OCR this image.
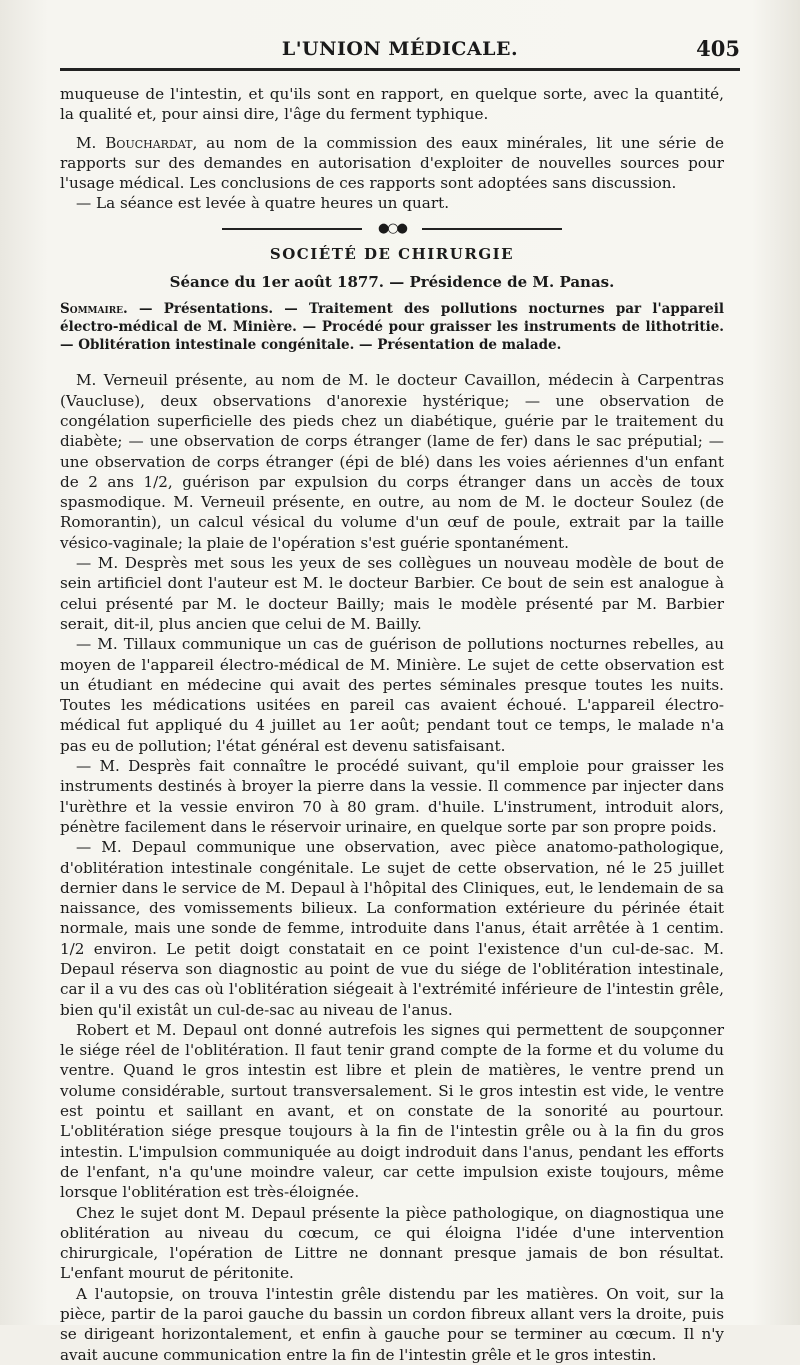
L'UNION MÉDICALE.	405

muqueuse de l'intestin, et qu'ils sont en rapport, en quelque sorte, avec la quantité, la qualité et, pour ainsi dire, l'âge du ferment typhique.

M. Bouchardat, au nom de la commission des eaux minérales, lit une série de rapports sur des demandes en autorisation d'exploiter de nouvelles sources pour l'usage médical. Les conclusions de ces rapports sont adoptées sans discussion.

— La séance est levée à quatre heures un quart.

●○●
SOCIÉTÉ DE CHIRURGIE
Séance du 1er août 1877. — Présidence de M. Panas.
Sommaire. — Présentations. — Traitement des pollutions nocturnes par l'appareil électro-médical de M. Minière. — Procédé pour graisser les instruments de lithotritie. — Oblitération intestinale congénitale. — Présentation de malade.

M. Verneuil présente, au nom de M. le docteur Cavaillon, médecin à Carpentras (Vaucluse), deux observations d'anorexie hystérique; — une observation de congélation superficielle des pieds chez un diabétique, guérie par le traitement du diabète; — une observation de corps étranger (lame de fer) dans le sac préputial; — une observation de corps étranger (épi de blé) dans les voies aériennes d'un enfant de 2 ans 1/2, guérison par expulsion du corps étranger dans un accès de toux spasmodique. M. Verneuil présente, en outre, au nom de M. le docteur Soulez (de Romorantin), un calcul vésical du volume d'un œuf de poule, extrait par la taille vésico-vaginale; la plaie de l'opération s'est guérie spontanément.

— M. Desprès met sous les yeux de ses collègues un nouveau modèle de bout de sein artificiel dont l'auteur est M. le docteur Barbier. Ce bout de sein est analogue à celui présenté par M. le docteur Bailly; mais le modèle présenté par M. Barbier serait, dit-il, plus ancien que celui de M. Bailly.

— M. Tillaux communique un cas de guérison de pollutions nocturnes rebelles, au moyen de l'appareil électro-médical de M. Minière. Le sujet de cette observation est un étudiant en médecine qui avait des pertes séminales presque toutes les nuits. Toutes les médications usitées en pareil cas avaient échoué. L'appareil électro-médical fut appliqué du 4 juillet au 1er août; pendant tout ce temps, le malade n'a pas eu de pollution; l'état général est devenu satisfaisant.

— M. Desprès fait connaître le procédé suivant, qu'il emploie pour graisser les instruments destinés à broyer la pierre dans la vessie. Il commence par injecter dans l'urèthre et la vessie environ 70 à 80 gram. d'huile. L'instrument, introduit alors, pénètre facilement dans le réservoir urinaire, en quelque sorte par son propre poids.

— M. Depaul communique une observation, avec pièce anatomo-pathologique, d'oblitération intestinale congénitale. Le sujet de cette observation, né le 25 juillet dernier dans le service de M. Depaul à l'hôpital des Cliniques, eut, le lendemain de sa naissance, des vomissements bilieux. La conformation extérieure du périnée était normale, mais une sonde de femme, introduite dans l'anus, était arrêtée à 1 centim. 1/2 environ. Le petit doigt constatait en ce point l'existence d'un cul-de-sac. M. Depaul réserva son diagnostic au point de vue du siége de l'oblitération intestinale, car il a vu des cas où l'oblitération siégeait à l'extrémité inférieure de l'intestin grêle, bien qu'il existât un cul-de-sac au niveau de l'anus.

Robert et M. Depaul ont donné autrefois les signes qui permettent de soupçonner le siége réel de l'oblitération. Il faut tenir grand compte de la forme et du volume du ventre. Quand le gros intestin est libre et plein de matières, le ventre prend un volume considérable, surtout transversalement. Si le gros intestin est vide, le ventre est pointu et saillant en avant, et on constate de la sonorité au pourtour. L'oblitération siége presque toujours à la fin de l'intestin grêle ou à la fin du gros intestin. L'impulsion communiquée au doigt indroduit dans l'anus, pendant les efforts de l'enfant, n'a qu'une moindre valeur, car cette impulsion existe toujours, même lorsque l'oblitération est très-éloignée.

Chez le sujet dont M. Depaul présente la pièce pathologique, on diagnostiqua une oblitération au niveau du cœcum, ce qui éloigna l'idée d'une intervention chirurgicale, l'opération de Littre ne donnant presque jamais de bon résultat. L'enfant mourut de péritonite.

A l'autopsie, on trouva l'intestin grêle distendu par les matières. On voit, sur la pièce, partir de la paroi gauche du bassin un cordon fibreux allant vers la droite, puis se dirigeant horizontalement, et enfin à gauche pour se terminer au cœcum. Il n'y avait aucune communication entre la fin de l'intestin grêle et le gros intestin.
